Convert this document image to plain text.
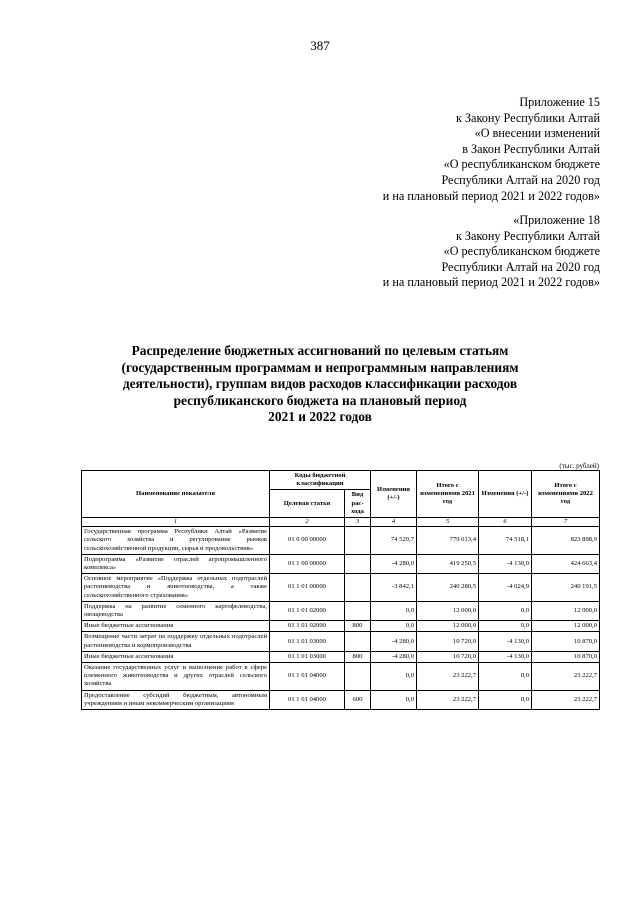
387
Приложение 15
к Закону Республики Алтай
«О внесении изменений
в Закон Республики Алтай
«О республиканском бюджете
Республики Алтай на 2020 год
и на плановый период 2021 и 2022 годов»
«Приложение 18
к Закону Республики Алтай
«О республиканском бюджете
Республики Алтай на 2020 год
и на плановый период 2021 и 2022 годов»
Распределение бюджетных ассигнований по целевым статьям
(государственным программам и непрограммным направлениям
деятельности), группам видов расходов классификации расходов
республиканского бюджета на плановый период
2021 и 2022 годов
(тыс. рублей)
Наименование показателя	Коды бюджетной классификации		Изменения (+/-)	Итого с изменениями 2021 год	Изменения (+/-)	Итого с изменениями 2022 год
	Целевая статья	Вид рас-хода				
1	2	3	4	5	6	7
Государственная программа Республики Алтай «Развитие сельского хозяйства и регулирование рынков сельскохозяйственной продукции, сырья и продовольствия»	01 0 00 00000		74 529,7	779 013,4	74 518,1	823 898,9
Подпрограмма «Развитие отраслей агропромышленного комплекса»	01 1 00 00000		-4 280,0	419 250,5	-4 130,0	424 663,4
Основное мероприятие «Поддержка отдельных подотраслей растениеводства и животноводства, а также сельскохозяйственного страхования»	01 1 01 00000		-3 842,1	240 280,5	-4 024,9	240 191,5
Поддержка на развитие семенного картофелеводства, овощеводства	01 1 01 02000		0,0	12 000,0	0,0	12 000,0
Иные бюджетные ассигнования	01 1 01 02000	800	0,0	12 000,0	0,0	12 000,0
Возмещение части затрат на поддержку отдельных подотраслей растениеводства и кормопроизводства	01 1 01 03000		-4 280,0	10 720,0	-4 130,0	10 870,0
Иные бюджетные ассигнования	01 1 01 03000	800	-4 280,0	10 720,0	-4 130,0	10 870,0
Оказание государственных услуг и выполнение работ в сфере племенного животноводства и других отраслей сельского хозяйства	01 1 01 04000		0,0	23 222,7	0,0	23 222,7
Предоставление субсидий бюджетным, автономным учреждениям и иным некоммерческим организациям	01 1 01 04000	600	0,0	23 222,7	0,0	23 222,7
